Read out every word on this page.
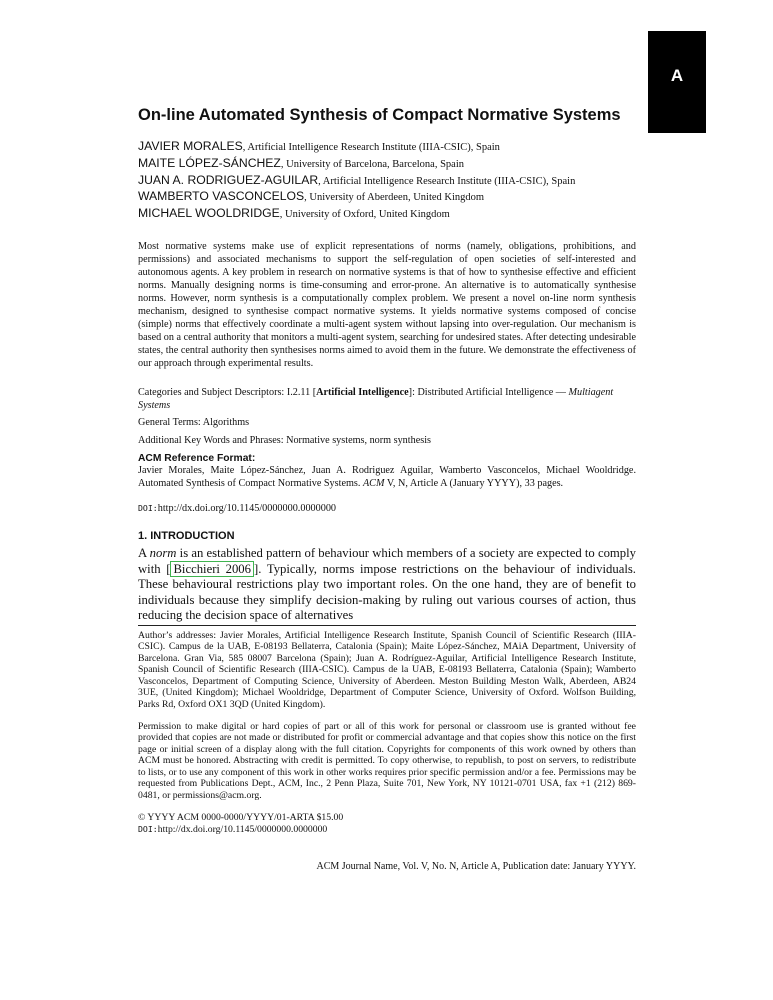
A
On-line Automated Synthesis of Compact Normative Systems
JAVIER MORALES, Artificial Intelligence Research Institute (IIIA-CSIC), Spain
MAITE LÓPEZ-SÁNCHEZ, University of Barcelona, Barcelona, Spain
JUAN A. RODRIGUEZ-AGUILAR, Artificial Intelligence Research Institute (IIIA-CSIC), Spain
WAMBERTO VASCONCELOS, University of Aberdeen, United Kingdom
MICHAEL WOOLDRIDGE, University of Oxford, United Kingdom

Most normative systems make use of explicit representations of norms (namely, obligations, prohibitions, and permissions) and associated mechanisms to support the self-regulation of open societies of self-interested and autonomous agents. A key problem in research on normative systems is that of how to synthesise effective and efficient norms. Manually designing norms is time-consuming and error-prone. An alternative is to automatically synthesise norms. However, norm synthesis is a computationally complex problem. We present a novel on-line norm synthesis mechanism, designed to synthesise compact normative systems. It yields normative systems composed of concise (simple) norms that effectively coordinate a multi-agent system without lapsing into over-regulation. Our mechanism is based on a central authority that monitors a multi-agent system, searching for undesired states. After detecting undesirable states, the central authority then synthesises norms aimed to avoid them in the future. We demonstrate the effectiveness of our approach through experimental results.

Categories and Subject Descriptors: I.2.11 [Artificial Intelligence]: Distributed Artificial Intelligence — Multiagent Systems

General Terms: Algorithms

Additional Key Words and Phrases: Normative systems, norm synthesis

ACM Reference Format:

Javier Morales, Maite López-Sánchez, Juan A. Rodriguez Aguilar, Wamberto Vasconcelos, Michael Wooldridge. Automated Synthesis of Compact Normative Systems. ACM V, N, Article A (January YYYY), 33 pages.

DOI:http://dx.doi.org/10.1145/0000000.0000000

1. INTRODUCTION

A norm is an established pattern of behaviour which members of a society are expected to comply with [ Bicchieri 2006 ]. Typically, norms impose restrictions on the behaviour of individuals. These behavioural restrictions play two important roles. On the one hand, they are of benefit to individuals because they simplify decision-making by ruling out various courses of action, thus reducing the decision space of alternatives

Author’s addresses: Javier Morales, Artificial Intelligence Research Institute, Spanish Council of Scientific Research (IIIA-CSIC). Campus de la UAB, E-08193 Bellaterra, Catalonia (Spain); Maite López-Sánchez, MAiA Department, University of Barcelona. Gran Via, 585 08007 Barcelona (Spain); Juan A. Rodríguez-Aguilar, Artificial Intelligence Research Institute, Spanish Council of Scientific Research (IIIA-CSIC). Campus de la UAB, E-08193 Bellaterra, Catalonia (Spain); Wamberto Vasconcelos, Department of Computing Science, University of Aberdeen. Meston Building Meston Walk, Aberdeen, AB24 3UE, (United Kingdom); Michael Wooldridge, Department of Computer Science, University of Oxford. Wolfson Building, Parks Rd, Oxford OX1 3QD (United Kingdom).

Permission to make digital or hard copies of part or all of this work for personal or classroom use is granted without fee provided that copies are not made or distributed for profit or commercial advantage and that copies show this notice on the first page or initial screen of a display along with the full citation. Copyrights for components of this work owned by others than ACM must be honored. Abstracting with credit is permitted. To copy otherwise, to republish, to post on servers, to redistribute to lists, or to use any component of this work in other works requires prior specific permission and/or a fee. Permissions may be requested from Publications Dept., ACM, Inc., 2 Penn Plaza, Suite 701, New York, NY 10121-0701 USA, fax +1 (212) 869-0481, or permissions@acm.org.

© YYYY ACM 0000-0000/YYYY/01-ARTA $15.00

DOI:http://dx.doi.org/10.1145/0000000.0000000

ACM Journal Name, Vol. V, No. N, Article A, Publication date: January YYYY.
